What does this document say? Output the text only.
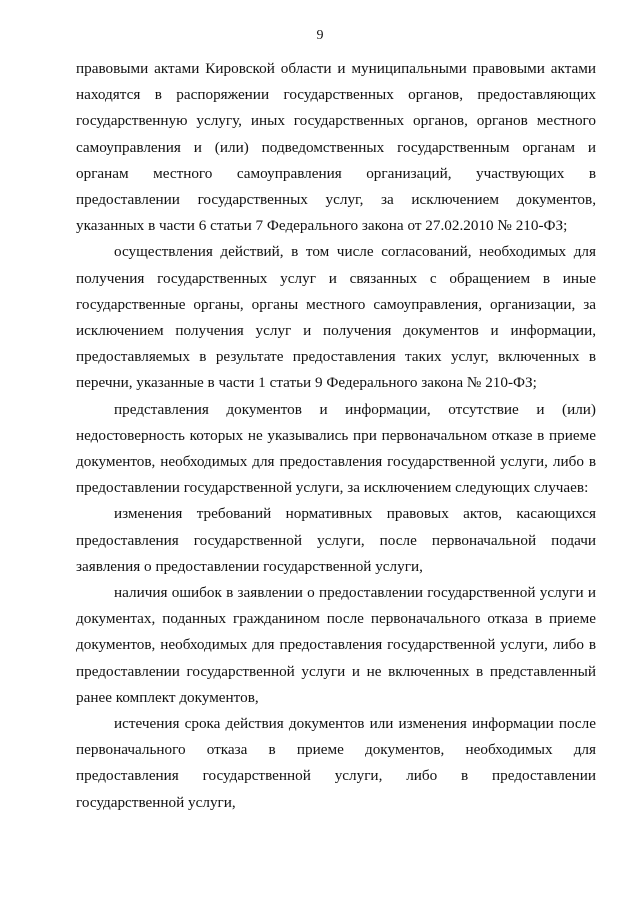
9

правовыми актами Кировской области и муниципальными правовыми актами находятся в распоряжении государственных органов, предоставляющих государственную услугу, иных государственных органов, органов местного самоуправления и (или) подведомственных государственным органам и органам местного самоуправления организаций, участвующих в предоставлении государственных услуг, за исключением документов, указанных в части 6 статьи 7 Федерального закона от 27.02.2010 № 210-ФЗ;

осуществления действий, в том числе согласований, необходимых для получения государственных услуг и связанных с обращением в иные государственные органы, органы местного самоуправления, организации, за исключением получения услуг и получения документов и информации, предоставляемых в результате предоставления таких услуг, включенных в перечни, указанные в части 1 статьи 9 Федерального закона № 210-ФЗ;

представления документов и информации, отсутствие и (или) недостоверность которых не указывались при первоначальном отказе в приеме документов, необходимых для предоставления государственной услуги, либо в предоставлении государственной услуги, за исключением следующих случаев:

изменения требований нормативных правовых актов, касающихся предоставления государственной услуги, после первоначальной подачи заявления о предоставлении государственной услуги,

наличия ошибок в заявлении о предоставлении государственной услуги и документах, поданных гражданином после первоначального отказа в приеме документов, необходимых для предоставления государственной услуги, либо в предоставлении государственной услуги и не включенных в представленный ранее комплект документов,

истечения срока действия документов или изменения информации после первоначального отказа в приеме документов, необходимых для предоставления государственной услуги, либо в предоставлении государственной услуги,
